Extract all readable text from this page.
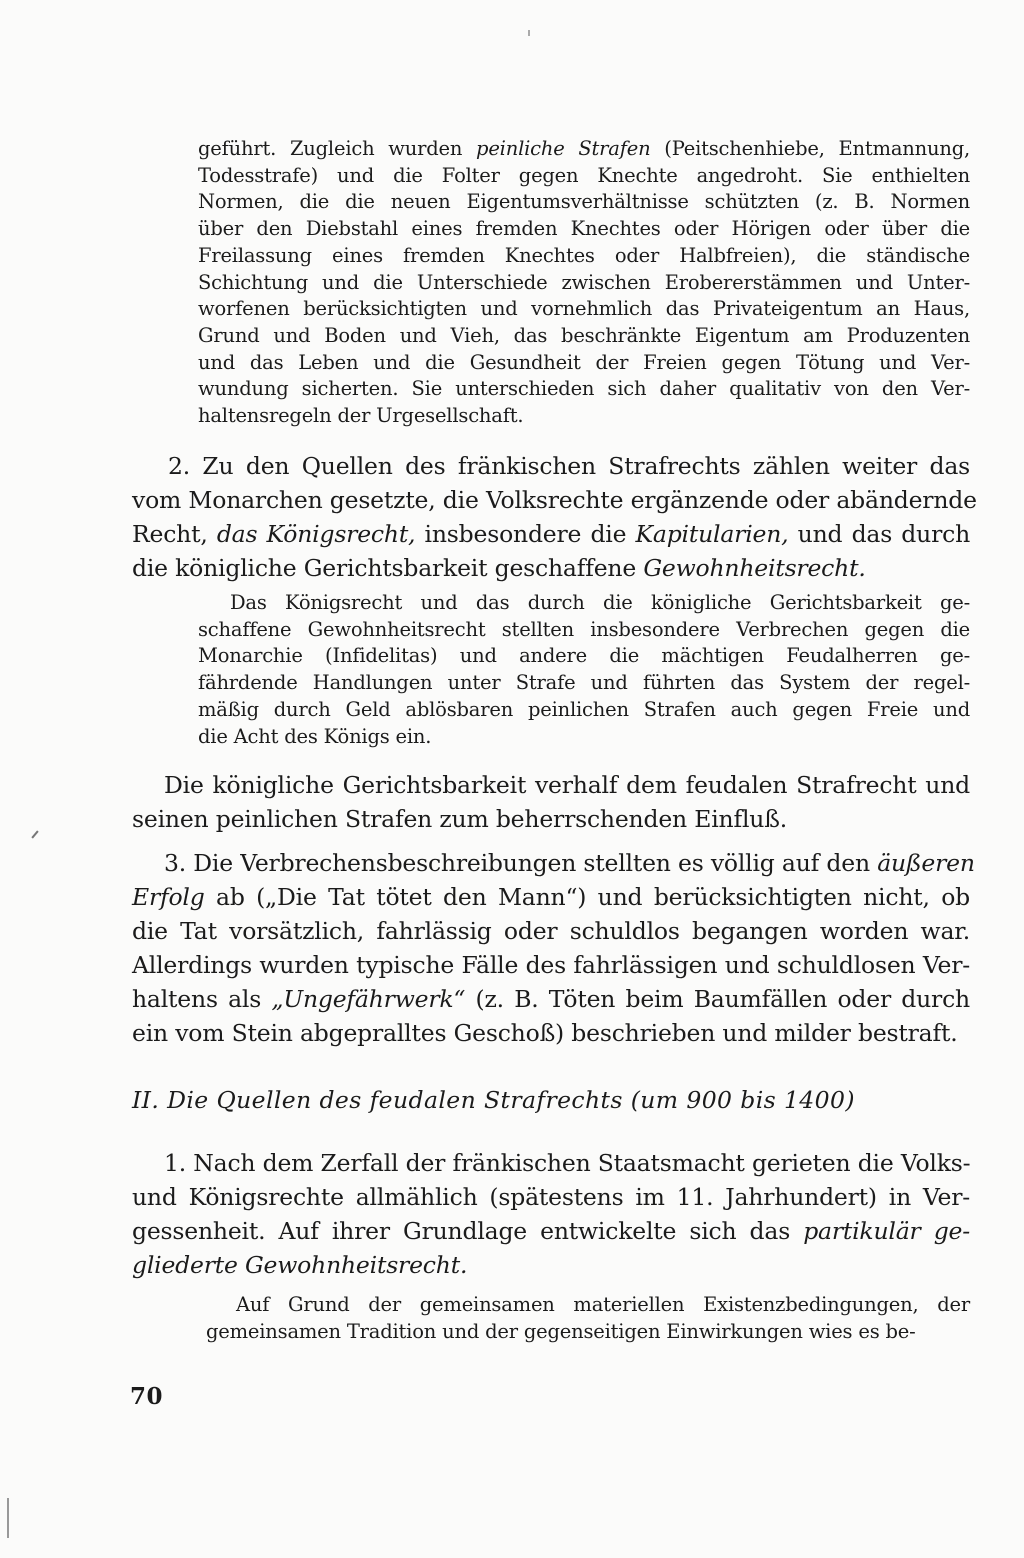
geführt. Zugleich wurden peinliche Strafen (Peitschenhiebe, Entmannung,
Todesstrafe) und die Folter gegen Knechte angedroht. Sie enthielten
Normen, die die neuen Eigentumsverhältnisse schützten (z. B. Normen
über den Diebstahl eines fremden Knechtes oder Hörigen oder über die
Freilassung eines fremden Knechtes oder Halbfreien), die ständische
Schichtung und die Unterschiede zwischen Erobererstämmen und Unter-
worfenen berücksichtigten und vornehmlich das Privateigentum an Haus,
Grund und Boden und Vieh, das beschränkte Eigentum am Produzenten
und das Leben und die Gesundheit der Freien gegen Tötung und Ver-
wundung sicherten. Sie unterschieden sich daher qualitativ von den Ver-
haltensregeln der Urgesellschaft.
2. Zu den Quellen des fränkischen Strafrechts zählen weiter das
vom Monarchen gesetzte, die Volksrechte ergänzende oder abändernde
Recht, das Königsrecht, insbesondere die Kapitularien, und das durch
die königliche Gerichtsbarkeit geschaffene Gewohnheitsrecht.
Das Königsrecht und das durch die königliche Gerichtsbarkeit ge-
schaffene Gewohnheitsrecht stellten insbesondere Verbrechen gegen die
Monarchie (Infidelitas) und andere die mächtigen Feudalherren ge-
fährdende Handlungen unter Strafe und führten das System der regel-
mäßig durch Geld ablösbaren peinlichen Strafen auch gegen Freie und
die Acht des Königs ein.
Die königliche Gerichtsbarkeit verhalf dem feudalen Strafrecht und
seinen peinlichen Strafen zum beherrschenden Einfluß.
3. Die Verbrechensbeschreibungen stellten es völlig auf den äußeren
Erfolg ab („Die Tat tötet den Mann“) und berücksichtigten nicht, ob
die Tat vorsätzlich, fahrlässig oder schuldlos begangen worden war.
Allerdings wurden typische Fälle des fahrlässigen und schuldlosen Ver-
haltens als „Ungefährwerk“ (z. B. Töten beim Baumfällen oder durch
ein vom Stein abgeprallteѕ Geschoß) beschrieben und milder bestraft.
II. Die Quellen des feudalen Strafrechts (um 900 bis 1400)
1. Nach dem Zerfall der fränkischen Staatsmacht gerieten die Volks-
und Königsrechte allmählich (spätestens im 11. Jahrhundert) in Ver-
gessenheit. Auf ihrer Grundlage entwickelte sich das partikulär ge-
gliederte Gewohnheitsrecht.
Auf Grund der gemeinsamen materiellen Existenzbedingungen, der
gemeinsamen Tradition und der gegenseitigen Einwirkungen wies es be-
70
